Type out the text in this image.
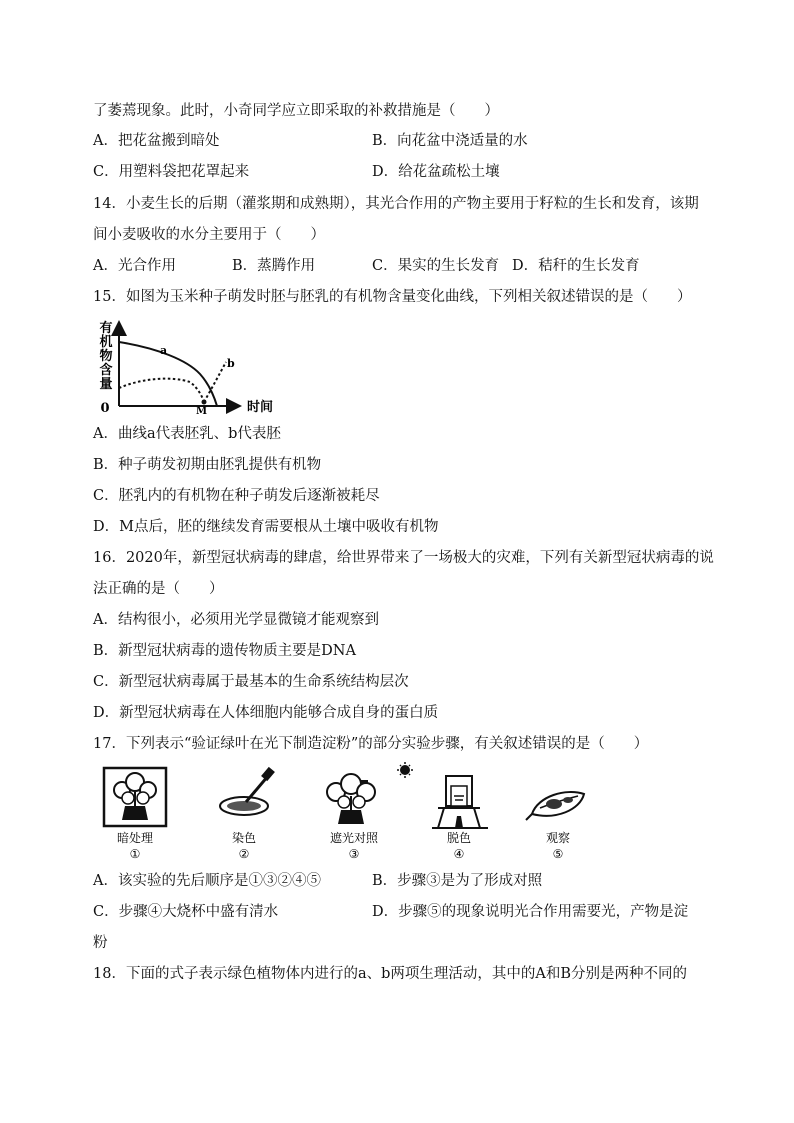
了萎蔫现象。此时，小奇同学应立即采取的补救措施是（　　）
A．把花盆搬到暗处	B．向花盆中浇适量的水
C．用塑料袋把花罩起来	D．给花盆疏松土壤
14．小麦生长的后期（灌浆期和成熟期），其光合作用的产物主要用于籽粒的生长和发育，该期
间小麦吸收的水分主要用于（　　）
A．光合作用	B．蒸腾作用	C．果实的生长发育 D．秸秆的生长发育
15．如图为玉米种子萌发时胚与胚乳的有机物含量变化曲线，下列相关叙述错误的是（　　）
有
机
物
含
量
0	时间
a
b
M
A．曲线a代表胚乳、b代表胚
B．种子萌发初期由胚乳提供有机物
C．胚乳内的有机物在种子萌发后逐渐被耗尽
D．M点后，胚的继续发育需要根从土壤中吸收有机物
16．2020年，新型冠状病毒的肆虐，给世界带来了一场极大的灾难，下列有关新型冠状病毒的说
法正确的是（　　）
A．结构很小，必须用光学显微镜才能观察到
B．新型冠状病毒的遗传物质主要是DNA
C．新型冠状病毒属于最基本的生命系统结构层次
D．新型冠状病毒在人体细胞内能够合成自身的蛋白质
17．下列表示“验证绿叶在光下制造淀粉”的部分实验步骤，有关叙述错误的是（　　）
暗处理
①
染色
②
遮光对照
③
脱色
④
观察
⑤
A．该实验的先后顺序是①③②④⑤	B．步骤③是为了形成对照
C．步骤④大烧杯中盛有清水	D．步骤⑤的现象说明光合作用需要光，产物是淀
粉
18．下面的式子表示绿色植物体内进行的a、b两项生理活动，其中的A和B分别是两种不同的
